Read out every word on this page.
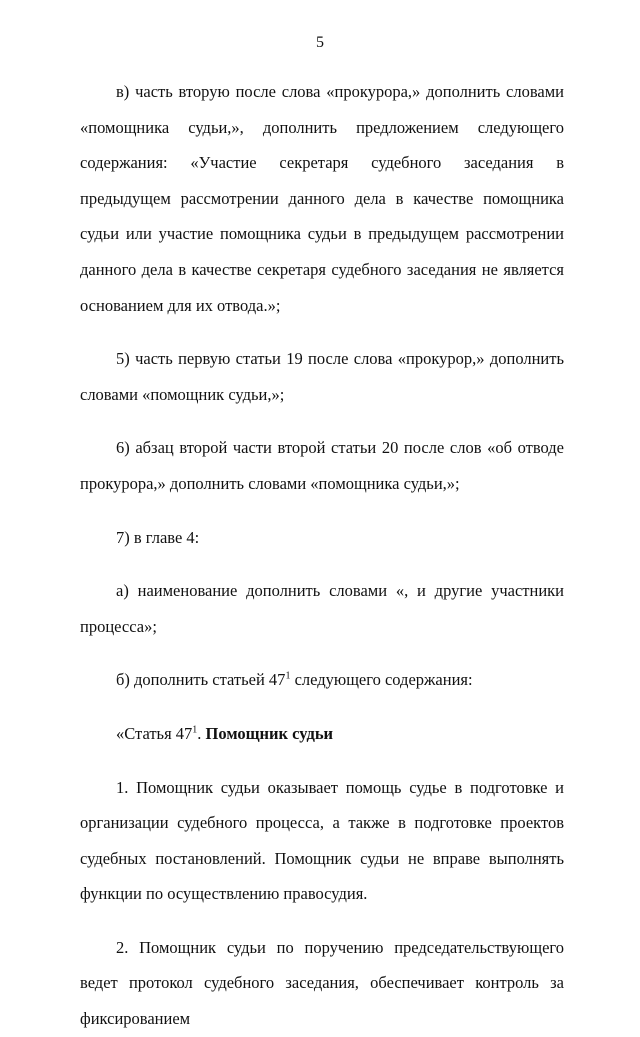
5

в) часть вторую после слова «прокурора,» дополнить словами «помощника судьи,», дополнить предложением следующего содержания: «Участие секретаря судебного заседания в предыдущем рассмотрении данного дела в качестве помощника судьи или участие помощника судьи в предыдущем рассмотрении данного дела в качестве секретаря судебного заседания не является основанием для их отвода.»;

5) часть первую статьи 19 после слова «прокурор,» дополнить словами «помощник судьи,»;

6) абзац второй части второй статьи 20 после слов «об отводе прокурора,» дополнить словами «помощника судьи,»;

7) в главе 4:

а) наименование дополнить словами «, и другие участники процесса»;

б) дополнить статьей $47^1$ следующего содержания:

«Статья $47^1$. Помощник судьи

1. Помощник судьи оказывает помощь судье в подготовке и организации судебного процесса, а также в подготовке проектов судебных постановлений. Помощник судьи не вправе выполнять функции по осуществлению правосудия.

2. Помощник судьи по поручению председательствующего ведет протокол судебного заседания, обеспечивает контроль за фиксированием
